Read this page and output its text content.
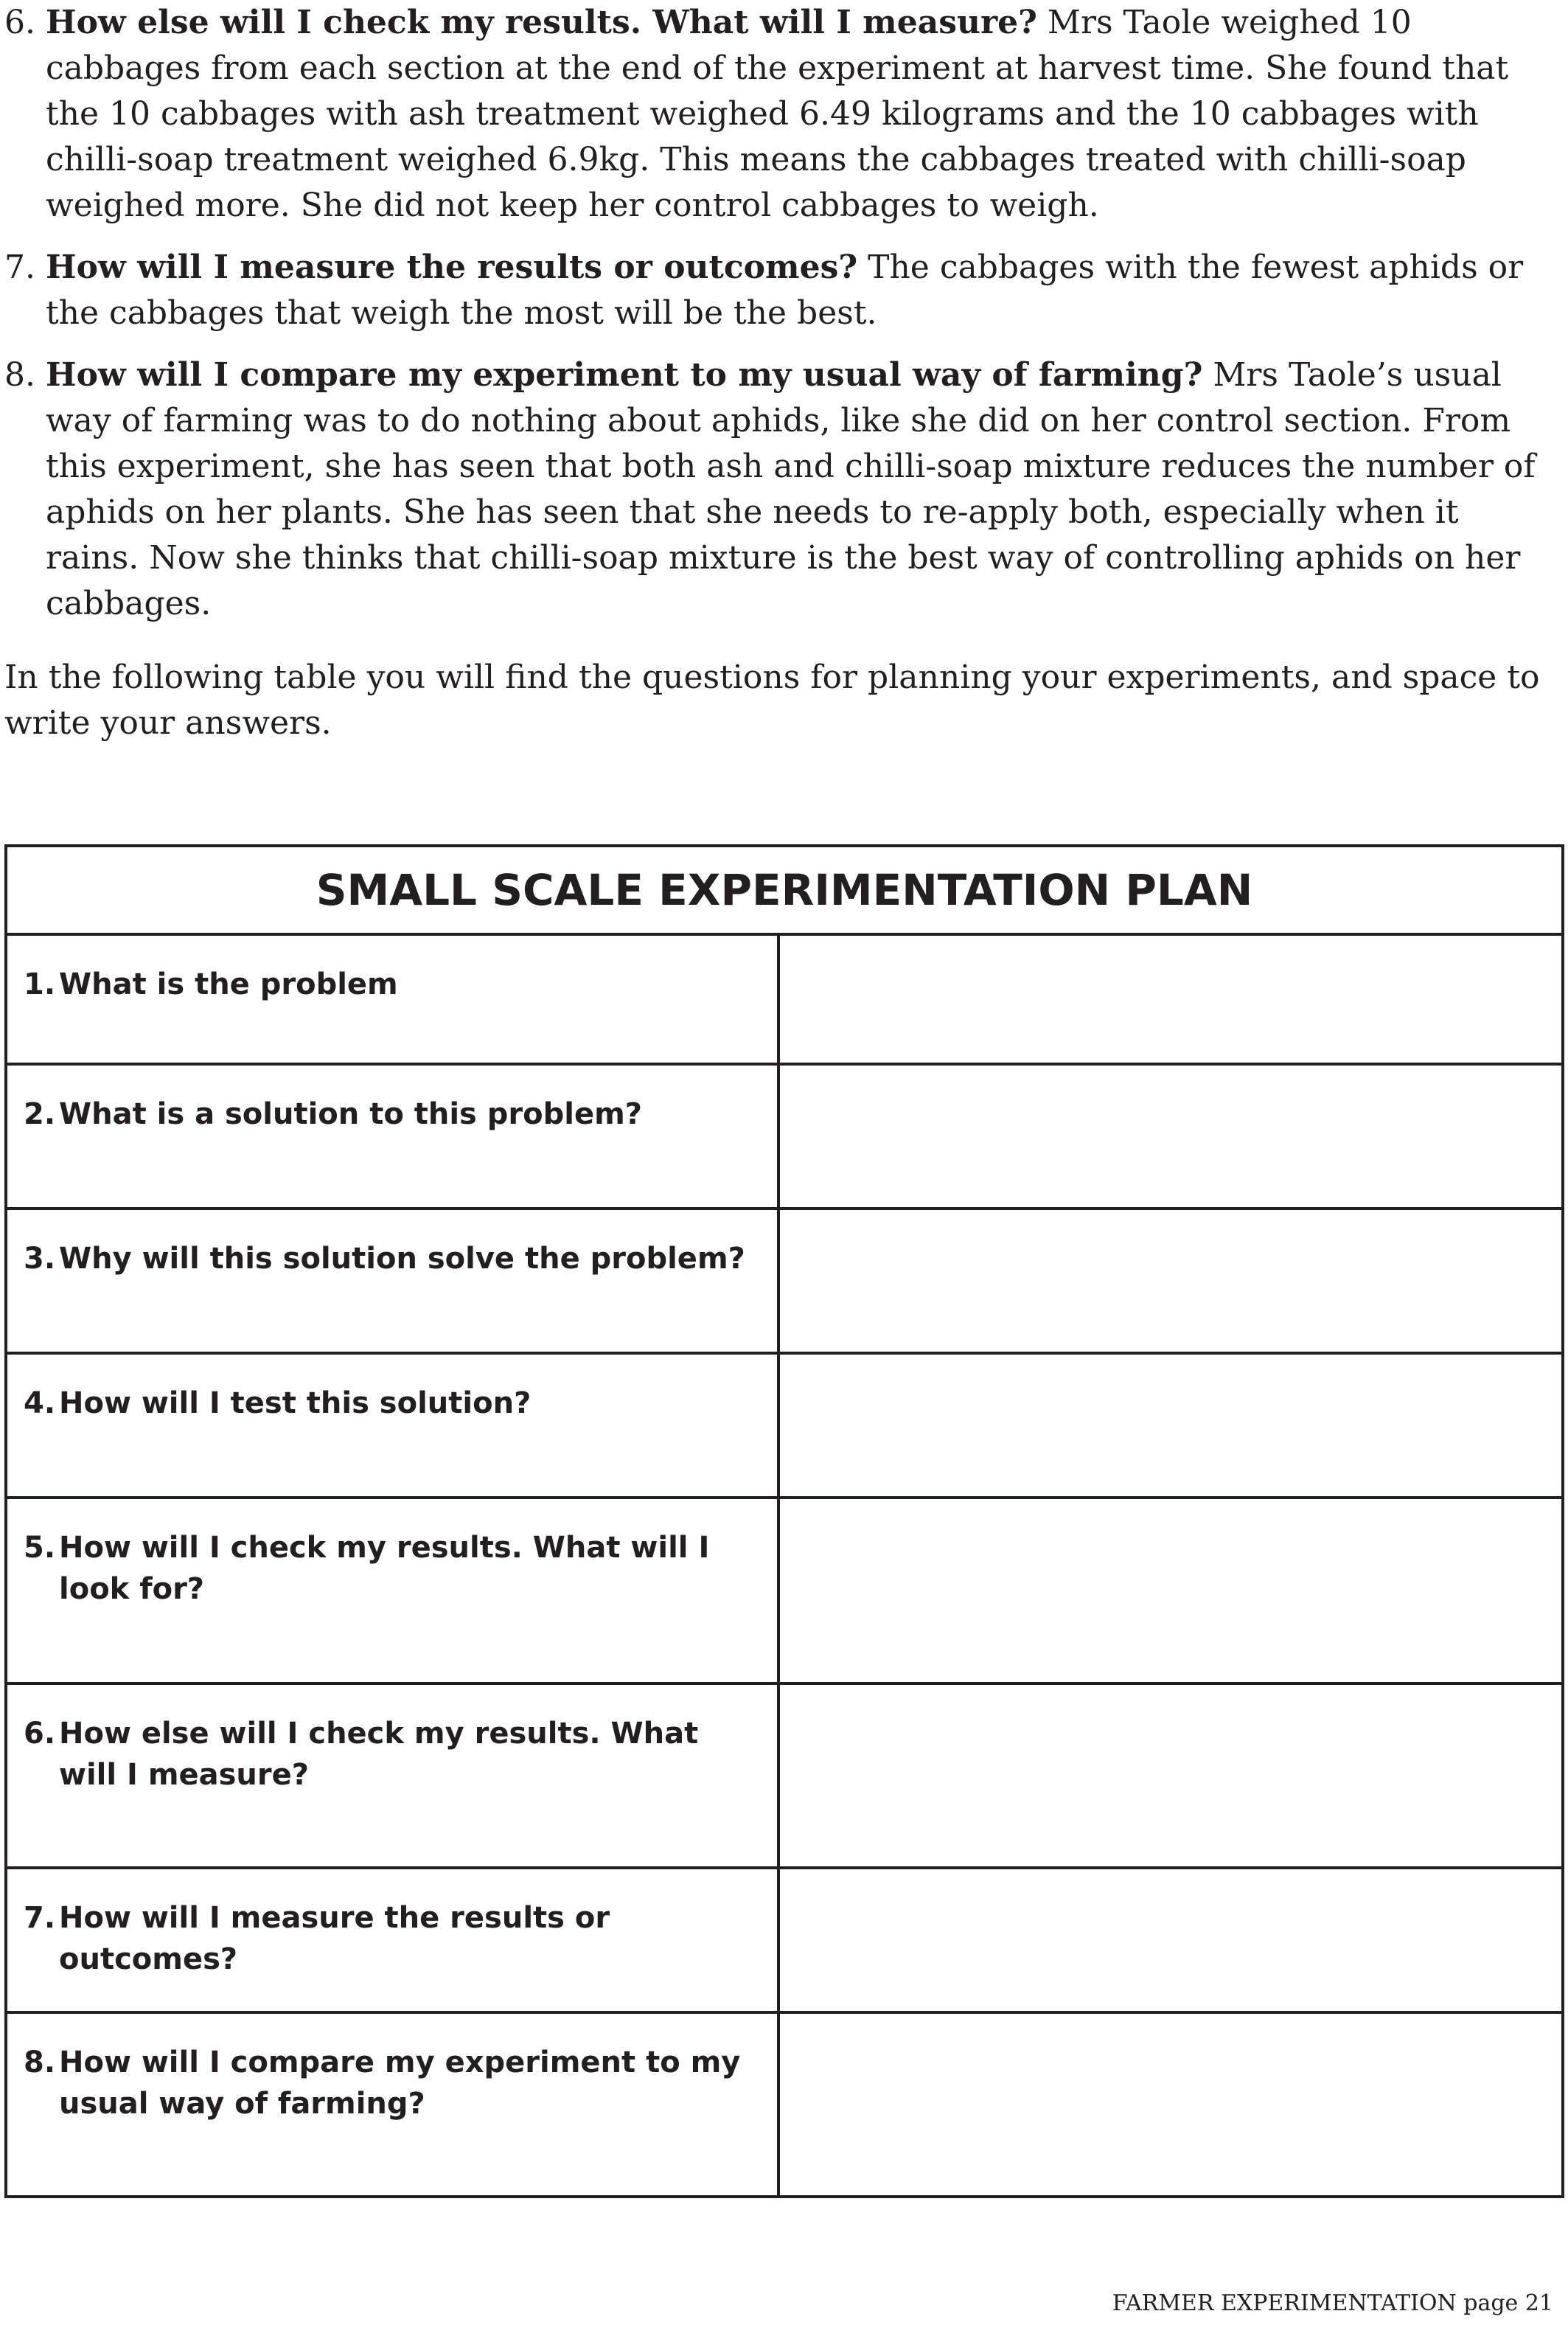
6. How else will I check my results. What will I measure? Mrs Taole weighed 10 cabbages from each section at the end of the experiment at harvest time. She found that the 10 cabbages with ash treatment weighed 6.49 kilograms and the 10 cabbages with chilli-soap treatment weighed 6.9kg. This means the cabbages treated with chilli-soap weighed more. She did not keep her control cabbages to weigh.
7. How will I measure the results or outcomes? The cabbages with the fewest aphids or the cabbages that weigh the most will be the best.
8. How will I compare my experiment to my usual way of farming? Mrs Taole’s usual way of farming was to do nothing about aphids, like she did on her control section. From this experiment, she has seen that both ash and chilli-soap mixture reduces the number of aphids on her plants. She has seen that she needs to re-apply both, especially when it rains. Now she thinks that chilli-soap mixture is the best way of controlling aphids on her cabbages.

In the following table you will find the questions for planning your experiments, and space to write your answers.

SMALL SCALE EXPERIMENTATION PLAN	

1. What is the problem	

2. What is a solution to this problem?	

3. Why will this solution solve the problem?	

4. How will I test this solution?	

5. How will I check my results. What will I look for?	

6. How else will I check my results. What will I measure?	

7. How will I measure the results or outcomes?	

8. How will I compare my experiment to my usual way of farming?	

FARMER EXPERIMENTATION page 21
